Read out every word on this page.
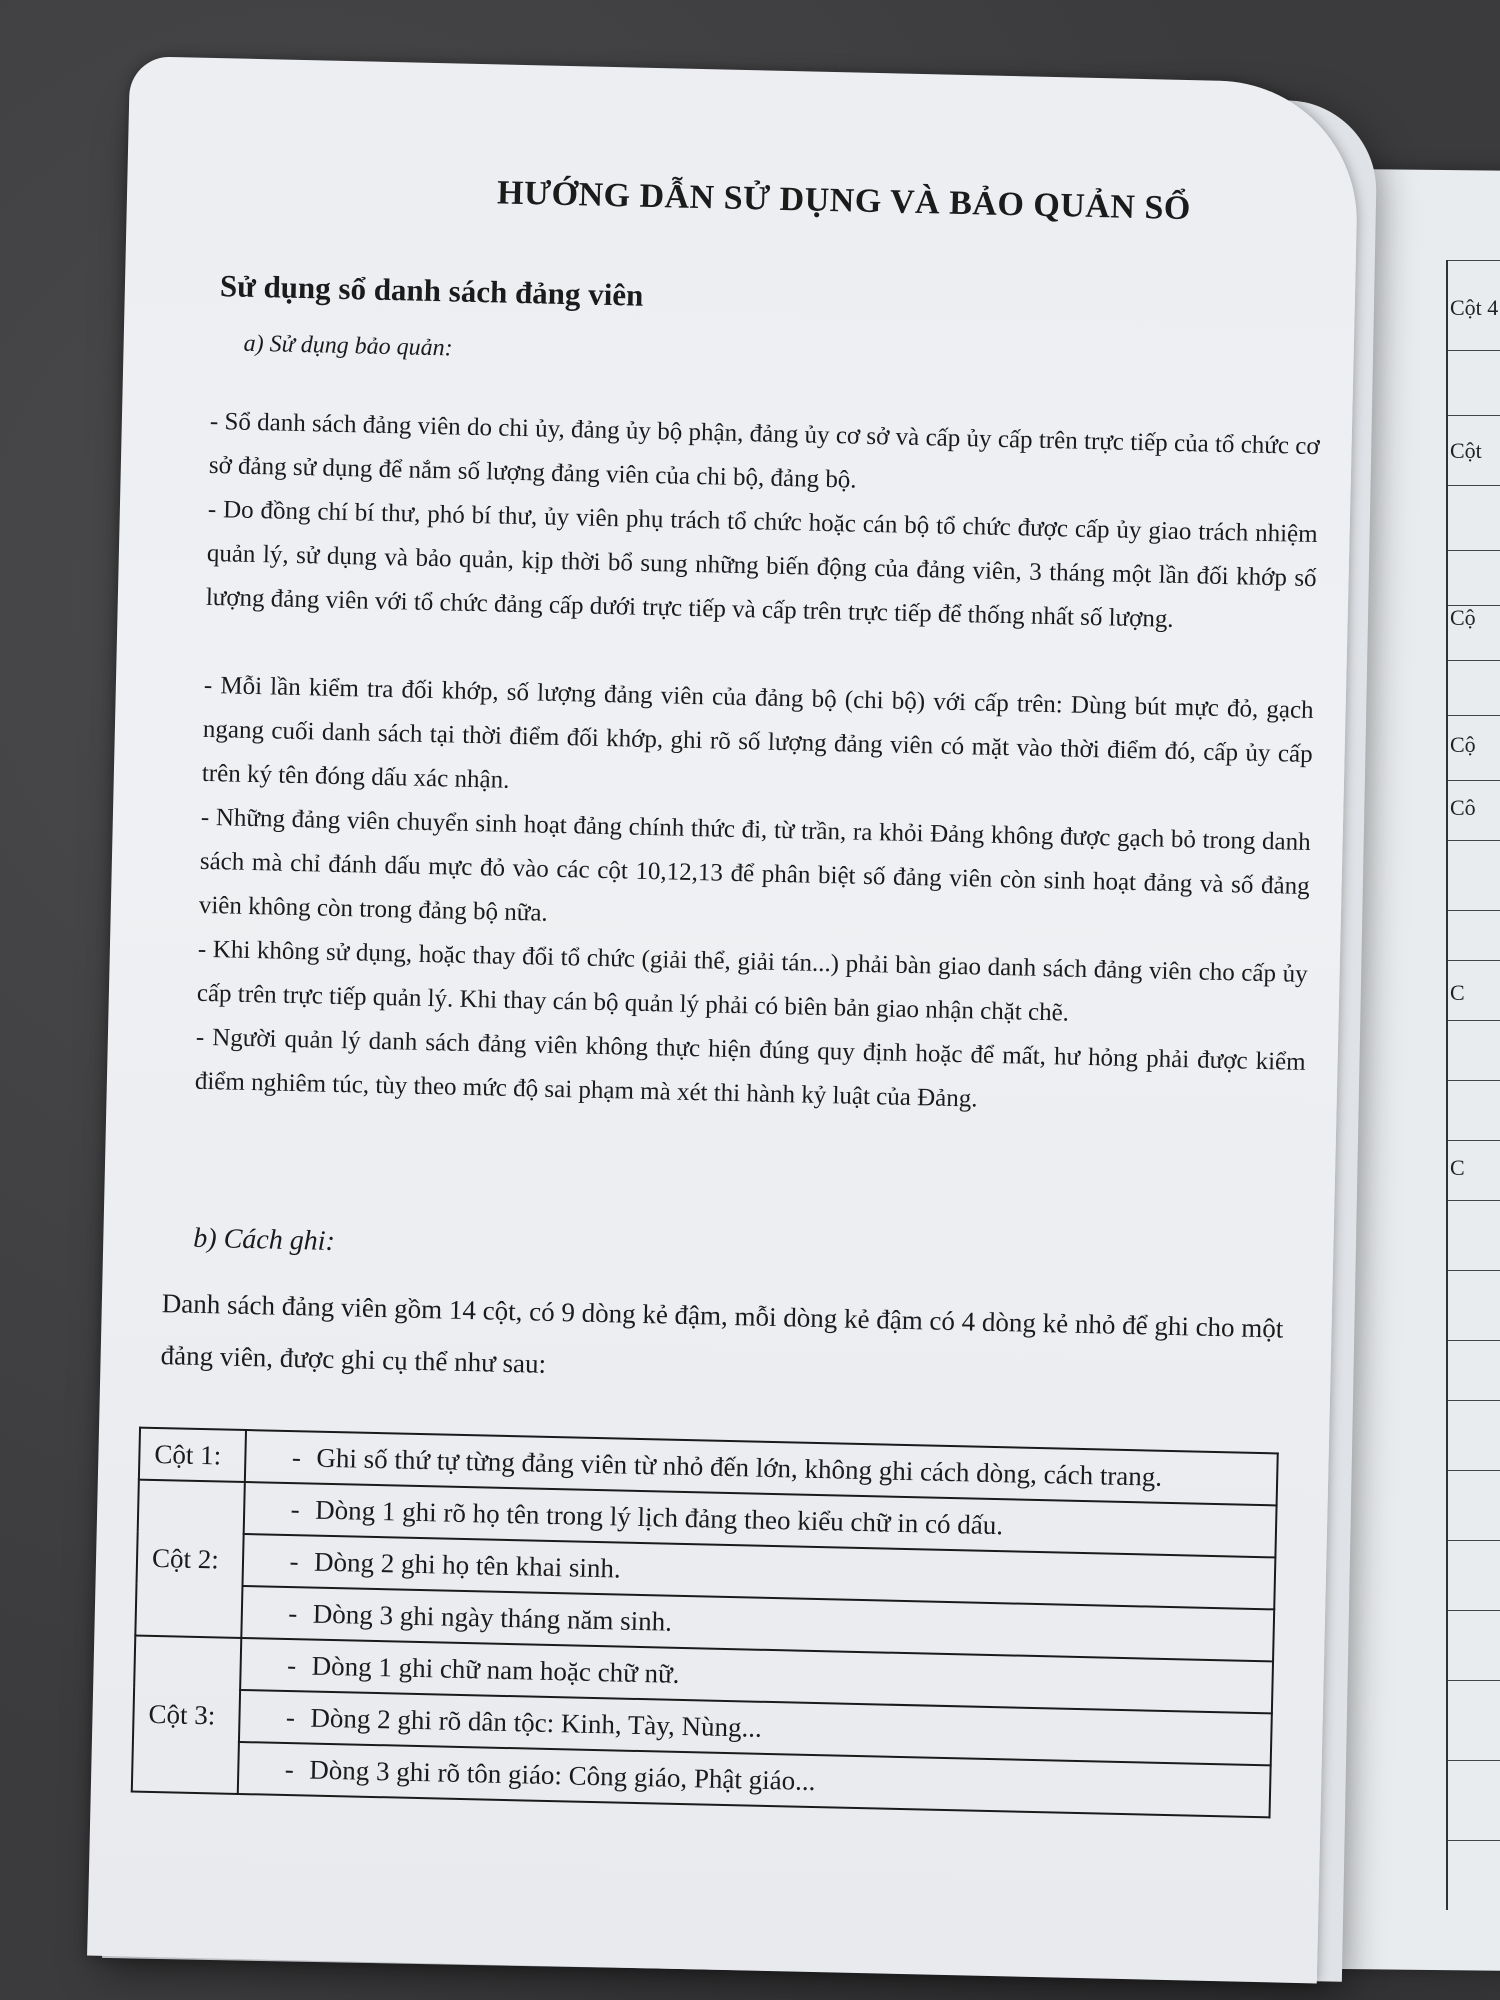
Cột 4
Cột
Cộ
Cộ
Cô
C
C
HƯỚNG DẪN SỬ DỤNG VÀ BẢO QUẢN SỔ
Sử dụng sổ danh sách đảng viên
a) Sử dụng bảo quản:
- Sổ danh sách đảng viên do chi ủy, đảng ủy bộ phận, đảng ủy cơ sở và cấp ủy cấp trên trực tiếp của tổ chức cơ sở đảng sử dụng để nắm số lượng đảng viên của chi bộ, đảng bộ.
- Do đồng chí bí thư, phó bí thư, ủy viên phụ trách tổ chức hoặc cán bộ tổ chức được cấp ủy giao trách nhiệm quản lý, sử dụng và bảo quản, kịp thời bổ sung những biến động của đảng viên, 3 tháng một lần đối khớp số lượng đảng viên với tổ chức đảng cấp dưới trực tiếp và cấp trên trực tiếp để thống nhất số lượng.
- Mỗi lần kiểm tra đối khớp, số lượng đảng viên của đảng bộ (chi bộ) với cấp trên: Dùng bút mực đỏ, gạch ngang cuối danh sách tại thời điểm đối khớp, ghi rõ số lượng đảng viên có mặt vào thời điểm đó, cấp ủy cấp trên ký tên đóng dấu xác nhận.
- Những đảng viên chuyển sinh hoạt đảng chính thức đi, từ trần, ra khỏi Đảng không được gạch bỏ trong danh sách mà chỉ đánh dấu mực đỏ vào các cột 10,12,13 để phân biệt số đảng viên còn sinh hoạt đảng và số đảng viên không còn trong đảng bộ nữa.
- Khi không sử dụng, hoặc thay đổi tổ chức (giải thể, giải tán...) phải bàn giao danh sách đảng viên cho cấp ủy cấp trên trực tiếp quản lý. Khi thay cán bộ quản lý phải có biên bản giao nhận chặt chẽ.
- Người quản lý danh sách đảng viên không thực hiện đúng quy định hoặc để mất, hư hỏng phải được kiểm điểm nghiêm túc, tùy theo mức độ sai phạm mà xét thi hành kỷ luật của Đảng.
b) Cách ghi:
Danh sách đảng viên gồm 14 cột, có 9 dòng kẻ đậm, mỗi dòng kẻ đậm có 4 dòng kẻ nhỏ để ghi cho một đảng viên, được ghi cụ thể như sau:
Cột 1:	- Ghi số thứ tự từng đảng viên từ nhỏ đến lớn, không ghi cách dòng, cách trang.
Cột 2:	- Dòng 1 ghi rõ họ tên trong lý lịch đảng theo kiểu chữ in có dấu.
	- Dòng 2 ghi họ tên khai sinh.
	- Dòng 3 ghi ngày tháng năm sinh.
Cột 3:	- Dòng 1 ghi chữ nam hoặc chữ nữ.
	- Dòng 2 ghi rõ dân tộc: Kinh, Tày, Nùng...
	- Dòng 3 ghi rõ tôn giáo: Công giáo, Phật giáo...
